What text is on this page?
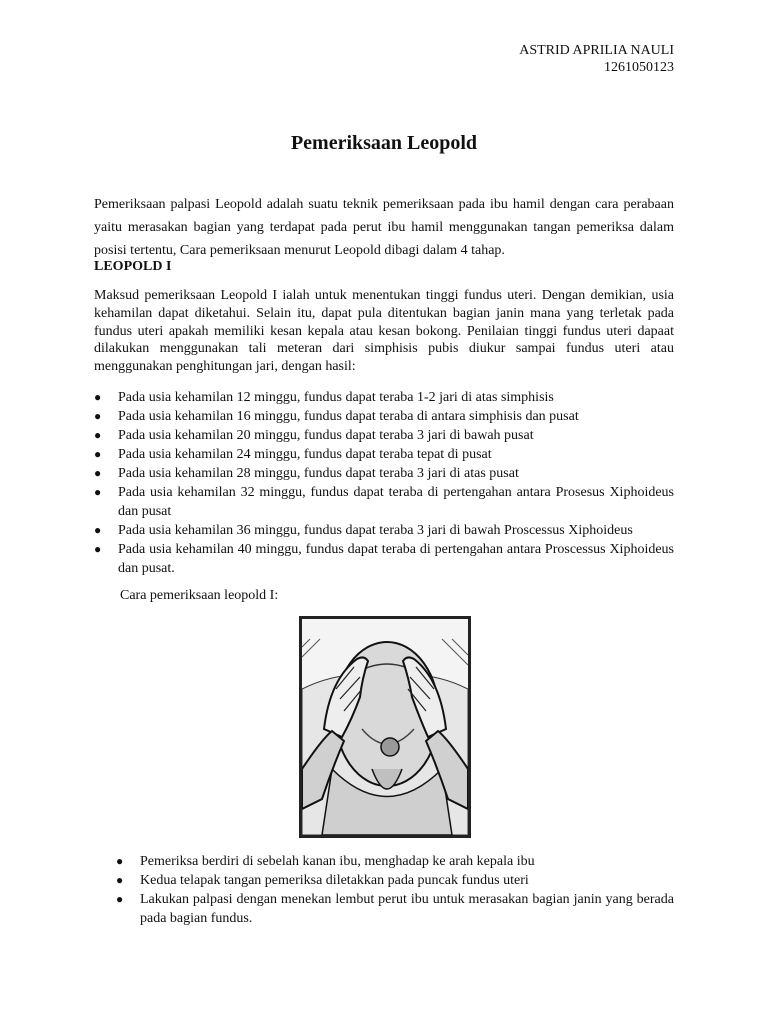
ASTRID APRILIA NAULI
1261050123
Pemeriksaan Leopold

Pemeriksaan palpasi Leopold adalah suatu teknik pemeriksaan pada ibu hamil dengan cara perabaan yaitu merasakan bagian yang terdapat pada perut ibu hamil menggunakan tangan pemeriksa dalam posisi tertentu, Cara pemeriksaan menurut Leopold dibagi dalam 4 tahap.

LEOPOLD I

Maksud pemeriksaan Leopold I ialah untuk menentukan tinggi fundus uteri. Dengan demikian, usia kehamilan dapat diketahui. Selain itu, dapat pula ditentukan bagian janin mana yang terletak pada fundus uteri apakah memiliki kesan kepala atau kesan bokong. Penilaian tinggi fundus uteri dapaat dilakukan menggunakan tali meteran dari simphisis pubis diukur sampai fundus uteri atau menggunakan penghitungan jari, dengan hasil:

● Pada usia kehamilan 12 minggu, fundus dapat teraba 1-2 jari di atas simphisis
● Pada usia kehamilan 16 minggu, fundus dapat teraba di antara simphisis dan pusat
● Pada usia kehamilan 20 minggu, fundus dapat teraba 3 jari di bawah pusat
● Pada usia kehamilan 24 minggu, fundus dapat teraba tepat di pusat
● Pada usia kehamilan 28 minggu, fundus dapat teraba 3 jari di atas pusat
● Pada usia kehamilan 32 minggu, fundus dapat teraba di pertengahan antara Prosesus Xiphoideus dan pusat
● Pada usia kehamilan 36 minggu, fundus dapat teraba 3 jari di bawah Proscessus Xiphoideus
● Pada usia kehamilan 40 minggu, fundus dapat teraba di pertengahan antara Proscessus Xiphoideus dan pusat.
Cara pemeriksaan leopold I:
● Pemeriksa berdiri di sebelah kanan ibu, menghadap ke arah kepala ibu
● Kedua telapak tangan pemeriksa diletakkan pada puncak fundus uteri
● Lakukan palpasi dengan menekan lembut perut ibu untuk merasakan bagian janin yang berada pada bagian fundus.
